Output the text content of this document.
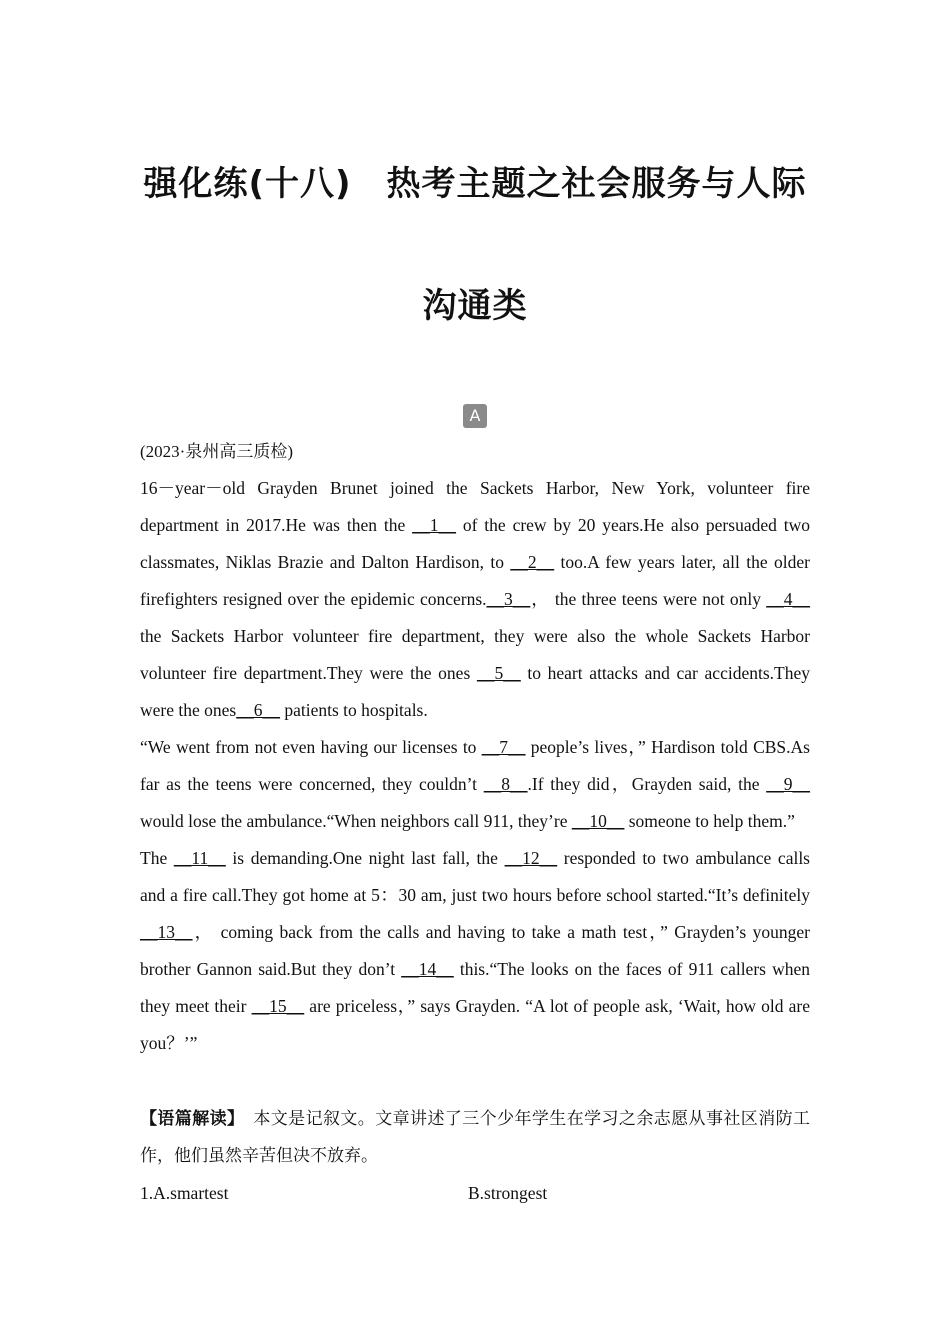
强化练(十八)　热考主题之社会服务与人际
沟通类
A
(2023·泉州高三质检)

16－year－old Grayden Brunet joined the Sackets Harbor, New York, volunteer fire department in 2017.He was then the __1__ of the crew by 20 years.He also persuaded two classmates, Niklas Brazie and Dalton Hardison, to __2__ too.A few years later, all the older firefighters resigned over the epidemic concerns.__3__， the three teens were not only __4__ the Sackets Harbor volunteer fire department, they were also the whole Sackets Harbor volunteer fire department.They were the ones __5__ to heart attacks and car accidents.They were the ones__6__ patients to hospitals.

“We went from not even having our licenses to __7__ people’s lives，” Hardison told CBS.As far as the teens were concerned, they couldn’t __8__.If they did，Grayden said, the __9__ would lose the ambulance.“When neighbors call 911, they’re __10__ someone to help them.”

The __11__ is demanding.One night last fall, the __12__ responded to two ambulance calls and a fire call.They got home at 5：30 am, just two hours before school started.“It’s definitely __13__， coming back from the calls and having to take a math test，” Grayden’s younger brother Gannon said.But they don’t __14__ this.“The looks on the faces of 911 callers when they meet their __15__ are priceless，” says Grayden. “A lot of people ask, ‘Wait, how old are you？’”

【语篇解读】　本文是记叙文。文章讲述了三个少年学生在学习之余志愿从事社区消防工作，他们虽然辛苦但决不放弃。
1.A.smartest	B.strongest
